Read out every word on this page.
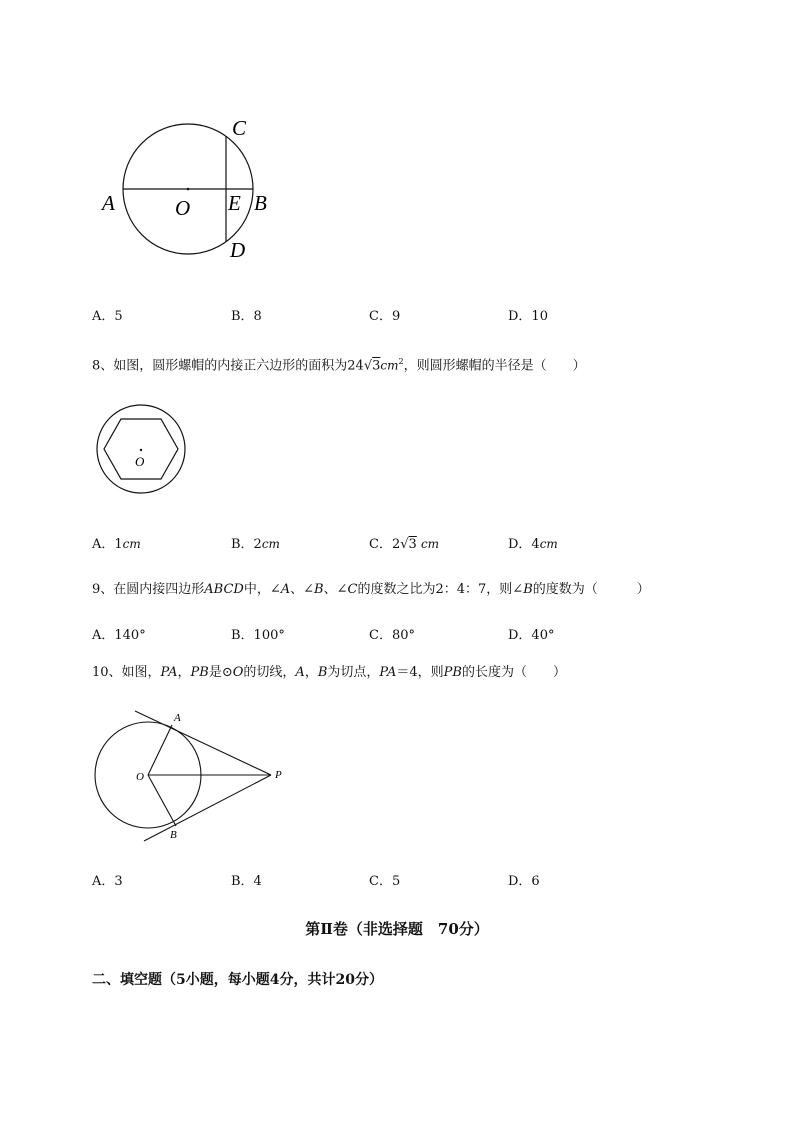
C
A	O E B
D
A．5	B．8	C．9	D．10
8、如图，圆形螺帽的内接正六边形的面积为$24√3cm^2$，则圆形螺帽的半径是（　　）
O
A．1cm	B．2cm	C．2√3 cm	D．4cm
9、在圆内接四边形ABCD中，∠A、∠B、∠C的度数之比为2：4：7，则∠B的度数为（　　　）
A．140°	B．100°	C．80°	D．40°
10、如图，PA，PB是⊙O的切线，A，B为切点，PA＝4，则PB的长度为（　　）
A
O	P
B
A．3	B．4	C．5	D．6
第Ⅱ卷（非选择题　70分）
二、填空题（5小题，每小题4分，共计20分）
